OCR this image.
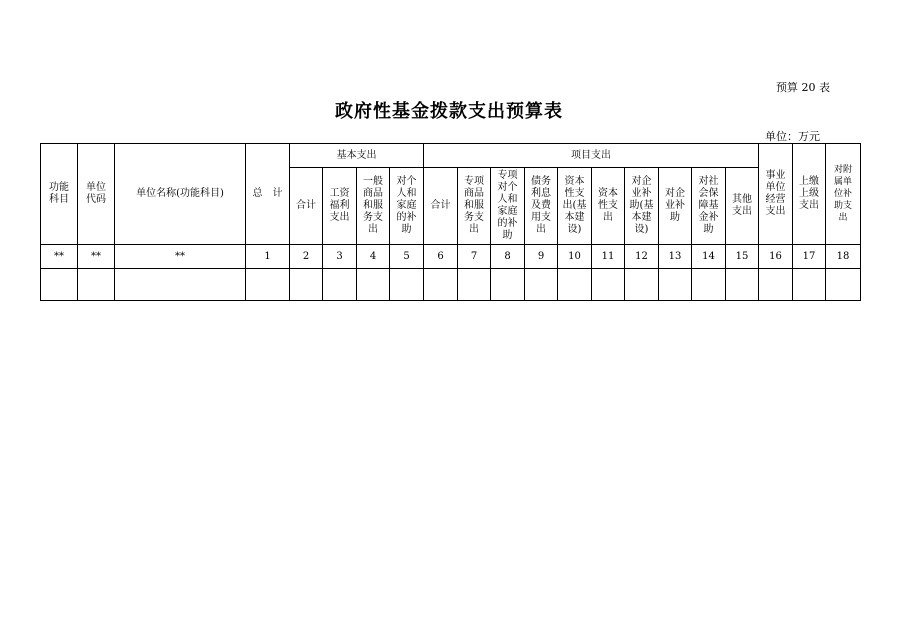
预算 20 表
政府性基金拨款支出预算表
单位：万元
功能科目	单位代码	单位名称(功能科目)	总　计	基本支出				项目支出										事业单位经营支出	上缴上级支出	对附属单位补助支出

				合计	工资福利支出	一般商品和服务支出	对个人和家庭的补助	合计	专项商品和服务支出	专项对个人和家庭的补助	债务利息及费用支出	资本性支出(基本建设)	资本性支出	对企业补助(基本建设)	对企业补助	对社会保障基金补助	其他支出			

**	**	**	1	2	3	4	5	6	7	8	9	10	11	12	13	14	15	16	17	18
